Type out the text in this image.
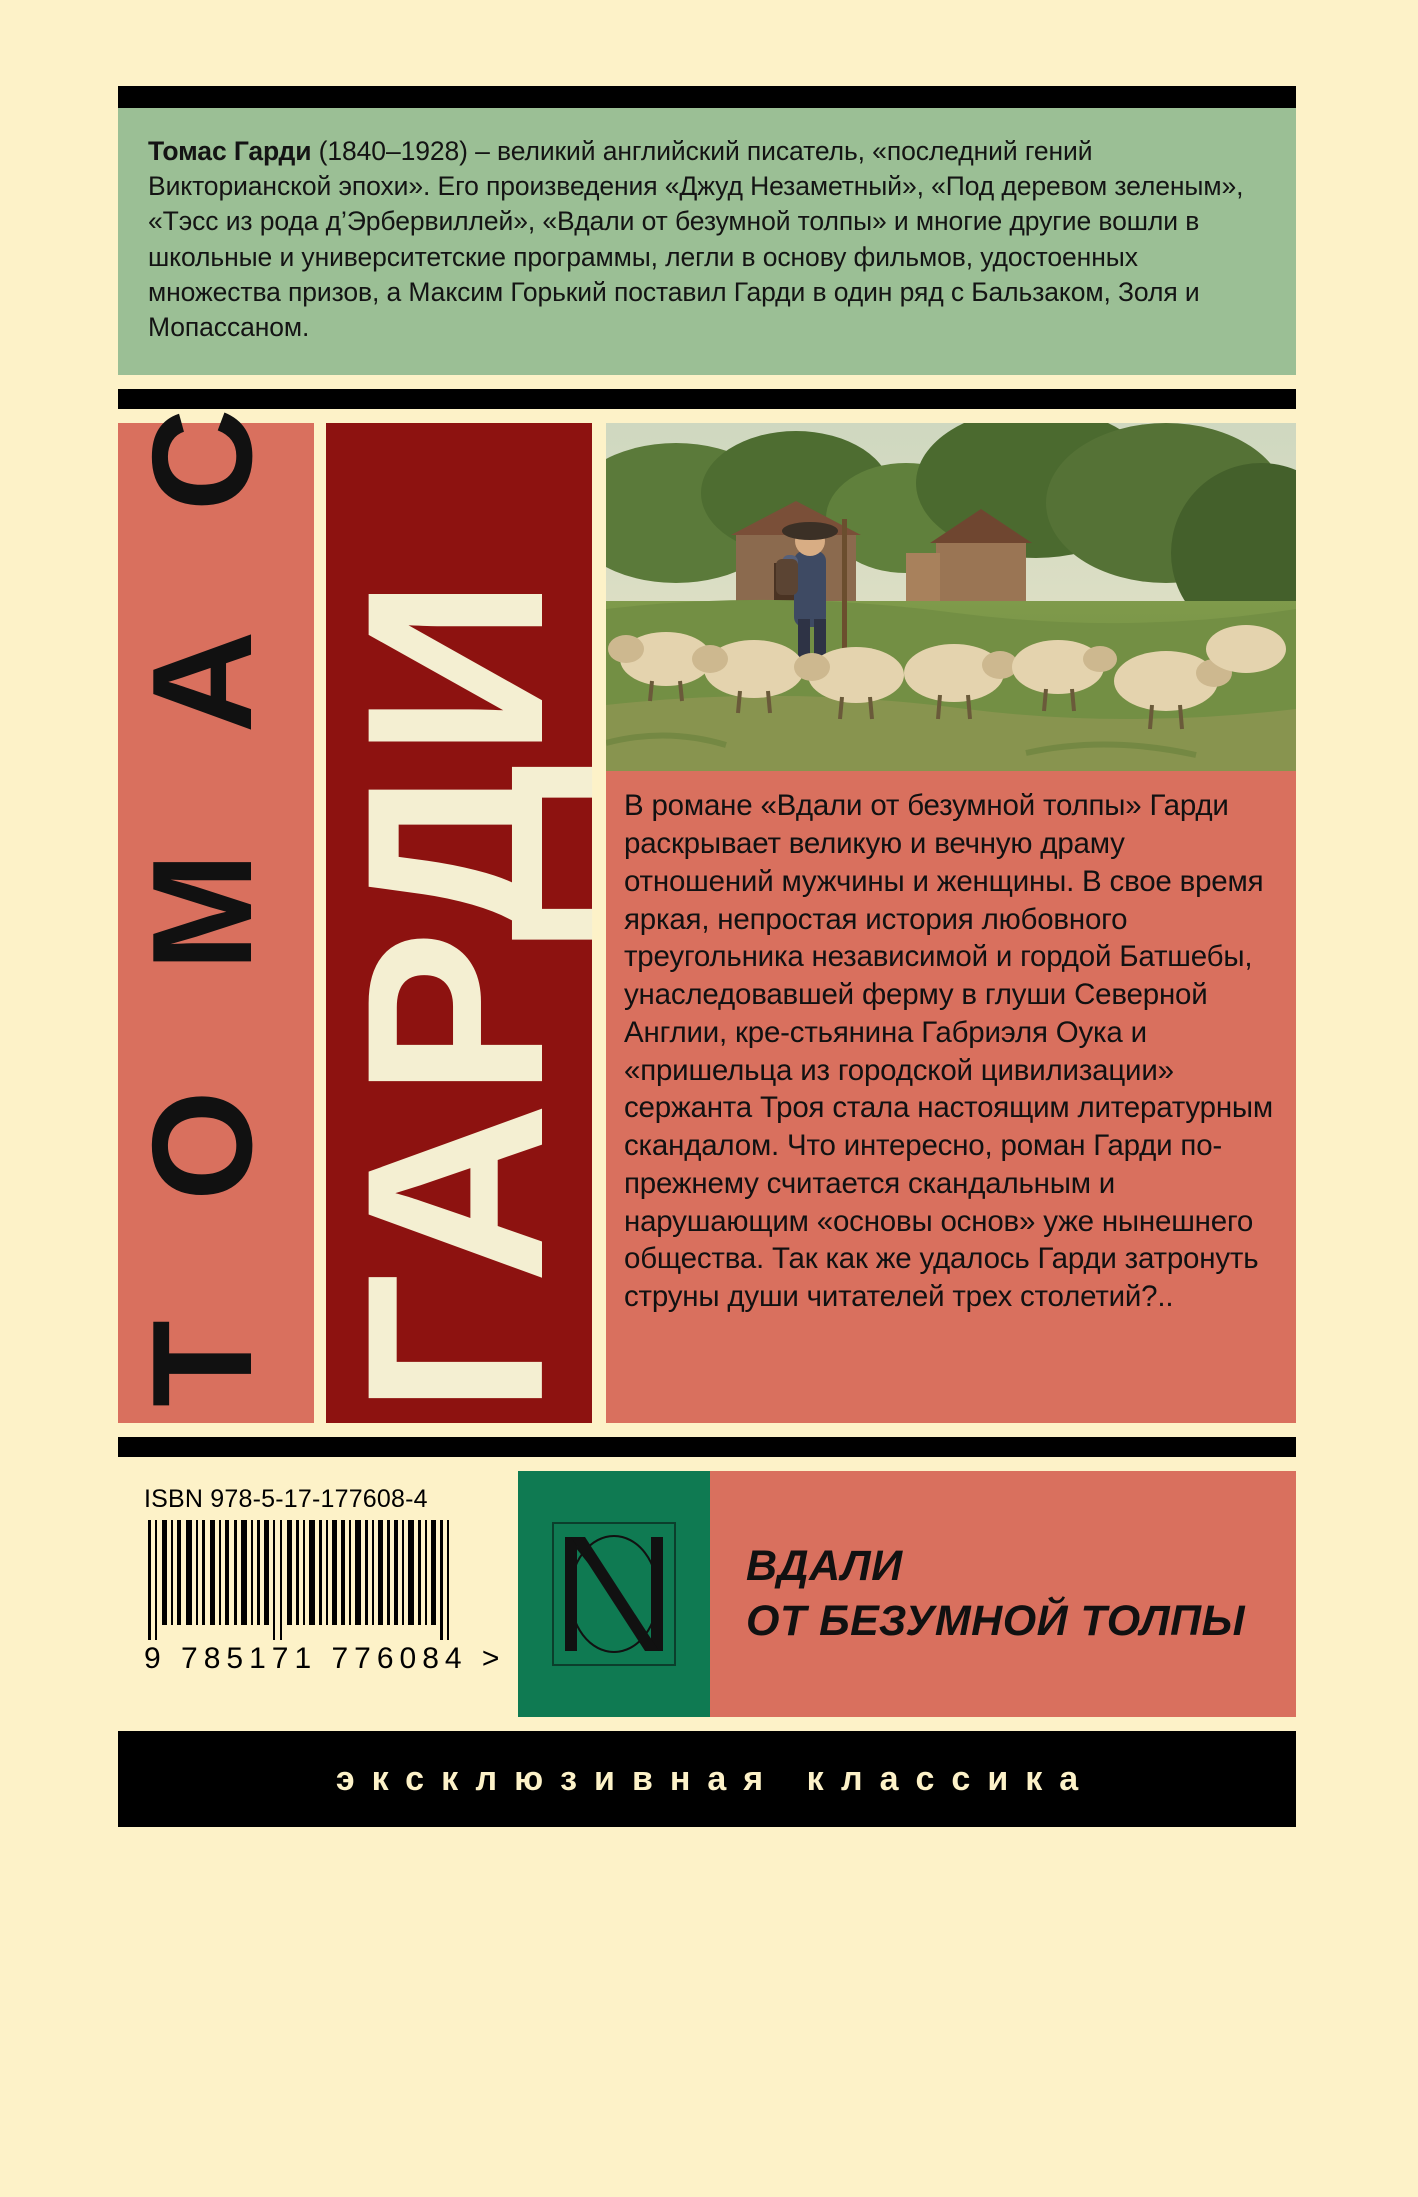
Томас Гарди (1840–1928) – великий английский писатель, «последний гений Викторианской эпохи». Его произведения «Джуд Незаметный», «Под деревом зеленым», «Тэсс из рода д’Эрбервиллей», «Вдали от безумной толпы» и многие другие вошли в школьные и университетские программы, легли в основу фильмов, удостоенных множества призов, а Максим Горький поставил Гарди в один ряд с Бальзаком, Золя и Мопассаном.

Т О М А С ГАРДИ В романе «Вдали от безумной толпы» Гарди раскрывает великую и вечную драму отношений мужчины и женщины. В свое время яркая, непростая история любовного треугольника независимой и гордой Батшебы, унаследовавшей ферму в глуши Северной Англии, кре-стьянина Габриэля Оука и «пришельца из городской цивилизации» сержанта Троя стала настоящим литературным скандалом. Что интересно, роман Гарди по-прежнему считается скандальным и нарушающим «основы основ» уже нынешнего общества. Так как же удалось Гарди затронуть струны души читателей трех столетий?..

ISBN 978-5-17-177608-4
9 785171 776084 >
ВДАЛИ
ОТ БЕЗУМНОЙ ТОЛПЫ
эксклюзивная классика
